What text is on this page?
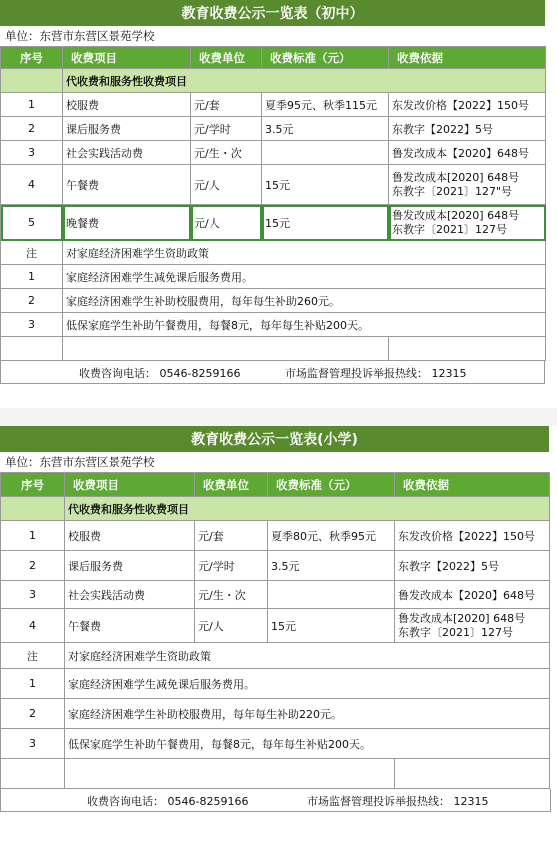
教育收费公示一览表（初中）
单位：东营市东营区景苑学校
序号	收费项目	收费单位	收费标准（元）	收费依据
	代收费和服务性收费项目			
1	校服费	元/套	夏季95元、秋季115元	东发改价格【2022】150号
2	课后服务费	元/学时	3.5元	东教字【2022】5号
3	社会实践活动费	元/生・次		鲁发改成本【2020】648号
4	午餐费	元/人	15元	鲁发改成本[2020] 648号
东教字〔2021〕127"号

5	晚餐费	元/人	15元	鲁发改成本[2020] 648号
东教字〔2021〕127号

注	对家庭经济困难学生资助政策			
1	家庭经济困难学生减免课后服务费用。			
2	家庭经济困难学生补助校服费用，每年每生补助260元。			
3	低保家庭学生补助午餐费用，每餐8元，每年每生补贴200天。			

收费咨询电话： 0546-8259166	市场监督管理投诉举报热线： 12315
教育收费公示一览表(小学)
单位：东营市东营区景苑学校
序号	收费项目	收费单位	收费标准（元）	收费依据
	代收费和服务性收费项目			
1	校服费	元/套	夏季80元、秋季95元	东发改价格【2022】150号
2	课后服务费	元/学时	3.5元	东教字【2022】5号
3	社会实践活动费	元/生・次		鲁发改成本【2020】648号
4	午餐费	元/人	15元	鲁发改成本[2020] 648号
东教字〔2021〕127号

注	对家庭经济困难学生资助政策			
1	家庭经济困难学生减免课后服务费用。			
2	家庭经济困难学生补助校服费用，每年每生补助220元。			
3	低保家庭学生补助午餐费用，每餐8元，每年每生补贴200天。			

收费咨询电话： 0546-8259166	市场监督管理投诉举报热线： 12315
